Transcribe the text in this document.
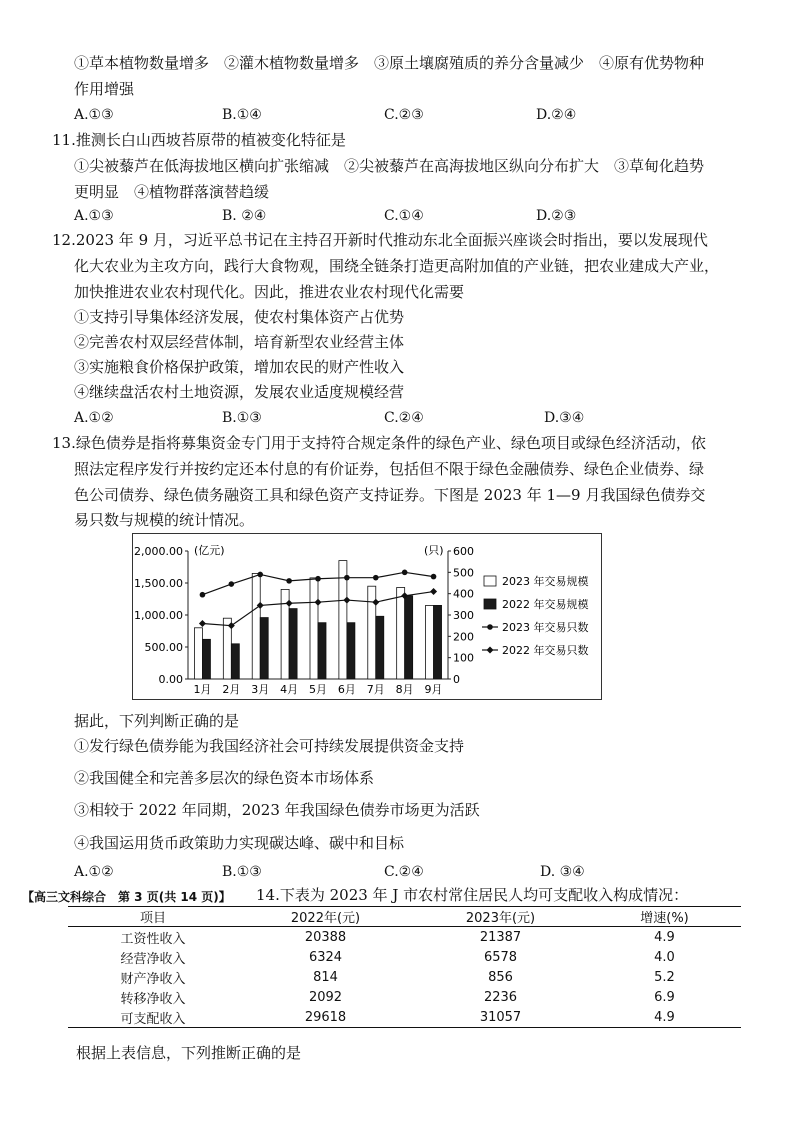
①草本植物数量增多　②灌木植物数量增多　③原土壤腐殖质的养分含量减少　④原有优势物种
作用增强
A.①③	B.①④	C.②③	D.②④
11.推测长白山西坡苔原带的植被变化特征是
①尖被藜芦在低海拔地区横向扩张缩减　②尖被藜芦在高海拔地区纵向分布扩大　③草甸化趋势
更明显　④植物群落演替趋缓
A.①③	B. ②④	C.①④	D.②③
12.2023 年 9 月，习近平总书记在主持召开新时代推动东北全面振兴座谈会时指出，要以发展现代
化大农业为主攻方向，践行大食物观，围绕全链条打造更高附加值的产业链，把农业建成大产业，
加快推进农业农村现代化。因此，推进农业农村现代化需要
①支持引导集体经济发展，使农村集体资产占优势
②完善农村双层经营体制，培育新型农业经营主体
③实施粮食价格保护政策，增加农民的财产性收入
④继续盘活农村土地资源，发展农业适度规模经营
A.①②	B.①③	C.②④	D.③④
13.绿色债券是指将募集资金专门用于支持符合规定条件的绿色产业、绿色项目或绿色经济活动，依
照法定程序发行并按约定还本付息的有价证券，包括但不限于绿色金融债券、绿色企业债券、绿
色公司债券、绿色债务融资工具和绿色资产支持证券。下图是 2023 年 1—9 月我国绿色债券交
易只数与规模的统计情况。
(亿元)	(只)
0.00
500.00
1,000.00
1,500.00
2,000.00
0
100
200
300
400
500
600
1月 2月 3月 4月 5月 6月 7月 8月 9月
2023 年交易规模
2022 年交易规模
2023 年交易只数
2022 年交易只数
据此，下列判断正确的是
①发行绿色债券能为我国经济社会可持续发展提供资金支持
②我国健全和完善多层次的绿色资本市场体系
③相较于 2022 年同期，2023 年我国绿色债券市场更为活跃
④我国运用货币政策助力实现碳达峰、碳中和目标
A.①②	B.①③	C.②④	D. ③④
【高三文科综合　第 3 页(共 14 页)】 14.下表为 2023 年 J 市农村常住居民人均可支配收入构成情况：
项目	2022年(元)	2023年(元)	增速(%)
工资性收入	20388	21387	4.9
经营净收入	6324	6578	4.0
财产净收入	814	856	5.2
转移净收入	2092	2236	6.9
可支配收入	29618	31057	4.9
根据上表信息，下列推断正确的是
